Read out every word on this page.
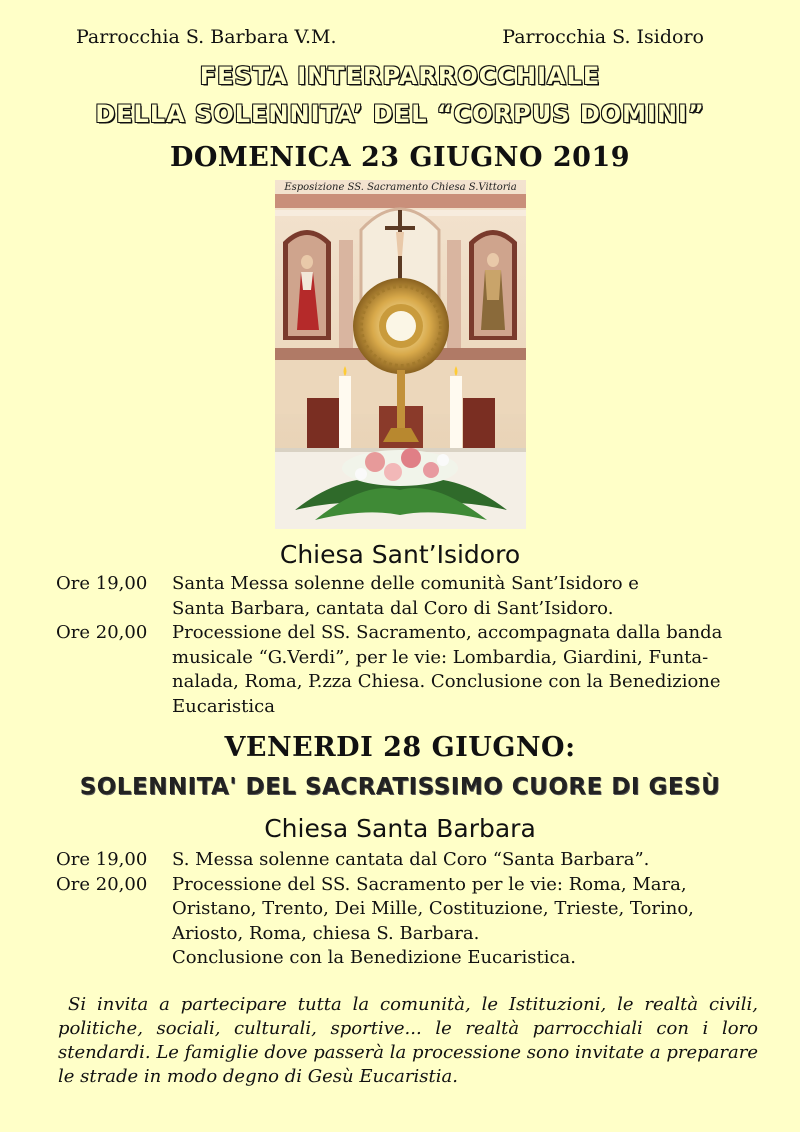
Parrocchia S. Barbara V.M.	Parrocchia S. Isidoro
FESTA INTERPARROCCHIALE
DELLA SOLENNITA’ DEL “CORPUS DOMINI”
DOMENICA 23 GIUGNO 2019
Esposizione SS. Sacramento Chiesa S.Vittoria
Chiesa Sant’Isidoro
Ore 19,00	Santa Messa solenne delle comunità Sant’Isidoro e
Santa Barbara, cantata dal Coro di Sant’Isidoro.
Ore 20,00	Processione del SS. Sacramento, accompagnata dalla banda
musicale “G.Verdi”, per le vie: Lombardia, Giardini, Funta-
nalada, Roma, P.zza Chiesa. Conclusione con la Benedizione
Eucaristica
VENERDI 28 GIUGNO:
SOLENNITA' DEL SACRATISSIMO CUORE DI GESÙ
Chiesa Santa Barbara
Ore 19,00	S. Messa solenne cantata dal Coro “Santa Barbara”.
Ore 20,00	Processione del SS. Sacramento per le vie: Roma, Mara,
Oristano, Trento, Dei Mille, Costituzione, Trieste, Torino,
Ariosto, Roma, chiesa S. Barbara.
Conclusione con la Benedizione Eucaristica.
Si invita a partecipare tutta la comunità, le Istituzioni, le realtà civili, politiche, sociali, culturali, sportive... le realtà parrocchiali con i loro stendardi. Le famiglie dove passerà la processione sono invitate a preparare le strade in modo degno di Gesù Eucaristia.
